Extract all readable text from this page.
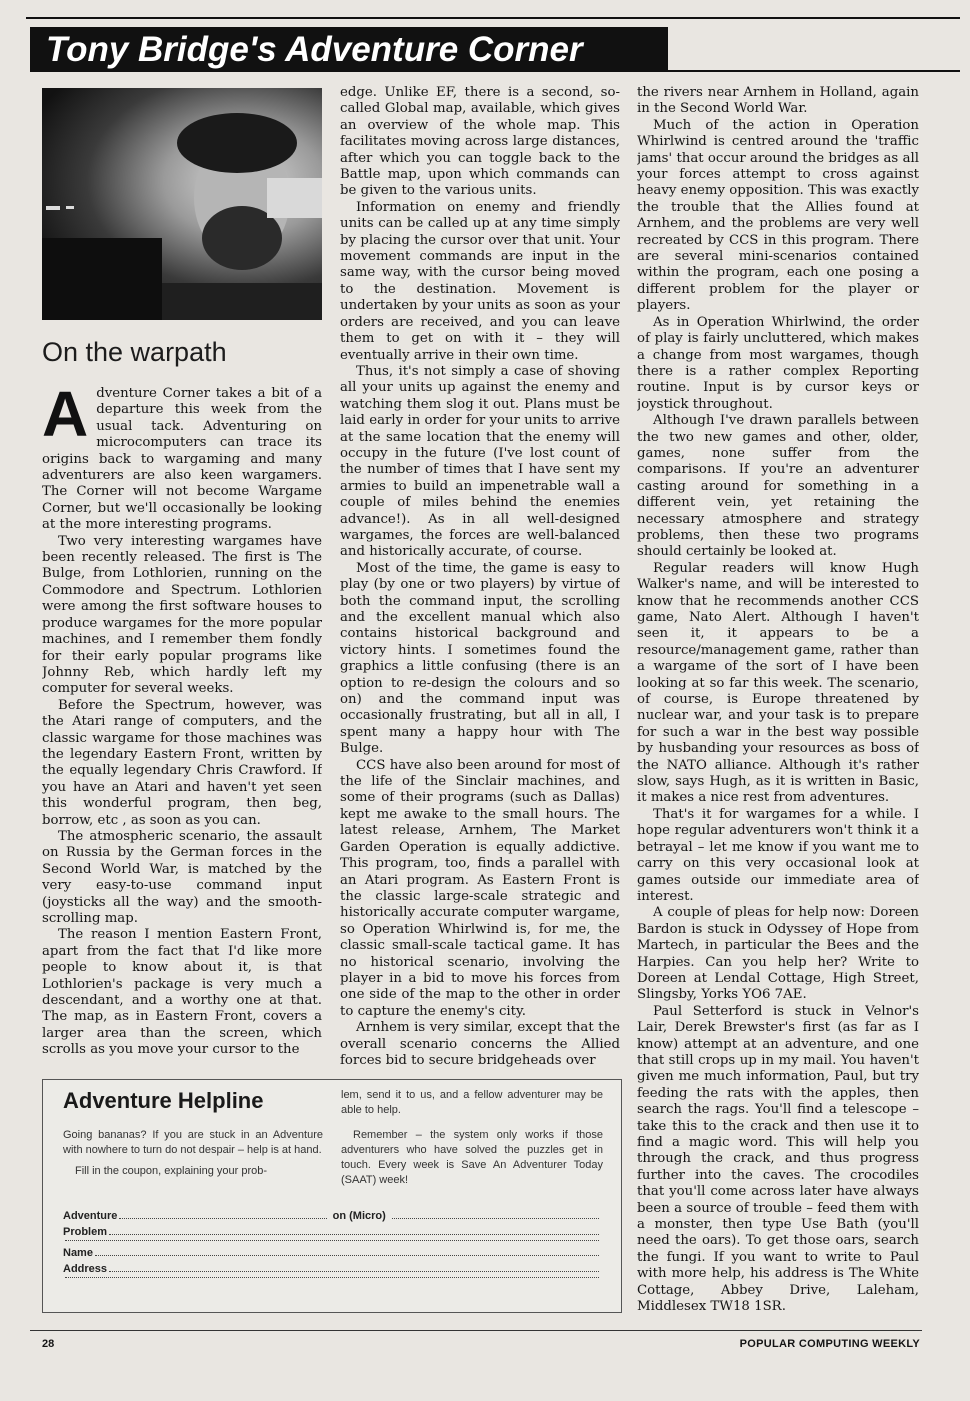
Tony Bridge's Adventure Corner
On the warpath

Adventure Corner takes a bit of a departure this week from the usual tack. Adventuring on microcomputers can trace its origins back to wargaming and many adventurers are also keen wargamers. The Corner will not become Wargame Corner, but we'll occasionally be looking at the more interesting programs.

Two very interesting wargames have been recently released. The first is The Bulge, from Lothlorien, running on the Commodore and Spectrum. Lothlorien were among the first software houses to produce wargames for the more popular machines, and I remember them fondly for their early popular programs like Johnny Reb, which hardly left my computer for several weeks.

Before the Spectrum, however, was the Atari range of computers, and the classic wargame for those machines was the legendary Eastern Front, written by the equally legendary Chris Crawford. If you have an Atari and haven't yet seen this wonderful program, then beg, borrow, etc , as soon as you can.

The atmospheric scenario, the assault on Russia by the German forces in the Second World War, is matched by the very easy-to-use command input (joysticks all the way) and the smooth-scrolling map.

The reason I mention Eastern Front, apart from the fact that I'd like more people to know about it, is that Lothlorien's package is very much a descendant, and a worthy one at that. The map, as in Eastern Front, covers a larger area than the screen, which scrolls as you move your cursor to the

edge. Unlike EF, there is a second, so-called Global map, available, which gives an overview of the whole map. This facilitates moving across large distances, after which you can toggle back to the Battle map, upon which commands can be given to the various units.

Information on enemy and friendly units can be called up at any time simply by placing the cursor over that unit. Your movement commands are input in the same way, with the cursor being moved to the destination. Movement is undertaken by your units as soon as your orders are received, and you can leave them to get on with it – they will eventually arrive in their own time.

Thus, it's not simply a case of shoving all your units up against the enemy and watching them slog it out. Plans must be laid early in order for your units to arrive at the same location that the enemy will occupy in the future (I've lost count of the number of times that I have sent my armies to build an impenetrable wall a couple of miles behind the enemies advance!). As in all well-designed wargames, the forces are well-balanced and historically accurate, of course.

Most of the time, the game is easy to play (by one or two players) by virtue of both the command input, the scrolling and the excellent manual which also contains historical background and victory hints. I sometimes found the graphics a little confusing (there is an option to re-design the colours and so on) and the command input was occasionally frustrating, but all in all, I spent many a happy hour with The Bulge.

CCS have also been around for most of the life of the Sinclair machines, and some of their programs (such as Dallas) kept me awake to the small hours. The latest release, Arnhem, The Market Garden Operation is equally addictive. This program, too, finds a parallel with an Atari program. As Eastern Front is the classic large-scale strategic and historically accurate computer wargame, so Operation Whirlwind is, for me, the classic small-scale tactical game. It has no historical scenario, involving the player in a bid to move his forces from one side of the map to the other in order to capture the enemy's city.

Arnhem is very similar, except that the overall scenario concerns the Allied forces bid to secure bridgeheads over

the rivers near Arnhem in Holland, again in the Second World War.

Much of the action in Operation Whirlwind is centred around the 'traffic jams' that occur around the bridges as all your forces attempt to cross against heavy enemy opposition. This was exactly the trouble that the Allies found at Arnhem, and the problems are very well recreated by CCS in this program. There are several mini-scenarios contained within the program, each one posing a different problem for the player or players.

As in Operation Whirlwind, the order of play is fairly uncluttered, which makes a change from most wargames, though there is a rather complex Reporting routine. Input is by cursor keys or joystick throughout.

Although I've drawn parallels between the two new games and other, older, games, none suffer from the comparisons. If you're an adventurer casting around for something in a different vein, yet retaining the necessary atmosphere and strategy problems, then these two programs should certainly be looked at.

Regular readers will know Hugh Walker's name, and will be interested to know that he recommends another CCS game, Nato Alert. Although I haven't seen it, it appears to be a resource/management game, rather than a wargame of the sort of I have been looking at so far this week. The scenario, of course, is Europe threatened by nuclear war, and your task is to prepare for such a war in the best way possible by husbanding your resources as boss of the NATO alliance. Although it's rather slow, says Hugh, as it is written in Basic, it makes a nice rest from adventures.

That's it for wargames for a while. I hope regular adventurers won't think it a betrayal – let me know if you want me to carry on this very occasional look at games outside our immediate area of interest.

A couple of pleas for help now: Doreen Bardon is stuck in Odyssey of Hope from Martech, in particular the Bees and the Harpies. Can you help her? Write to Doreen at Lendal Cottage, High Street, Slingsby, Yorks YO6 7AE.

Paul Setterford is stuck in Velnor's Lair, Derek Brewster's first (as far as I know) attempt at an adventure, and one that still crops up in my mail. You haven't given me much information, Paul, but try feeding the rats with the apples, then search the rags. You'll find a telescope – take this to the crack and then use it to find a magic word. This will help you through the crack, and thus progress further into the caves. The crocodiles that you'll come across later have always been a source of trouble – feed them with a monster, then type Use Bath (you'll need the oars). To get those oars, search the fungi. If you want to write to Paul with more help, his address is The White Cottage, Abbey Drive, Laleham, Middlesex TW18 1SR.

Adventure Helpline

Going bananas? If you are stuck in an Adventure with nowhere to turn do not despair – help is at hand.

Fill in the coupon, explaining your prob-

lem, send it to us, and a fellow adventurer may be able to help.

Remember – the system only works if those adventurers who have solved the puzzles get in touch. Every week is Save An Adventurer Today (SAAT) week!

Adventure	on (Micro)
Problem
Name
Address
28	POPULAR COMPUTING WEEKLY
